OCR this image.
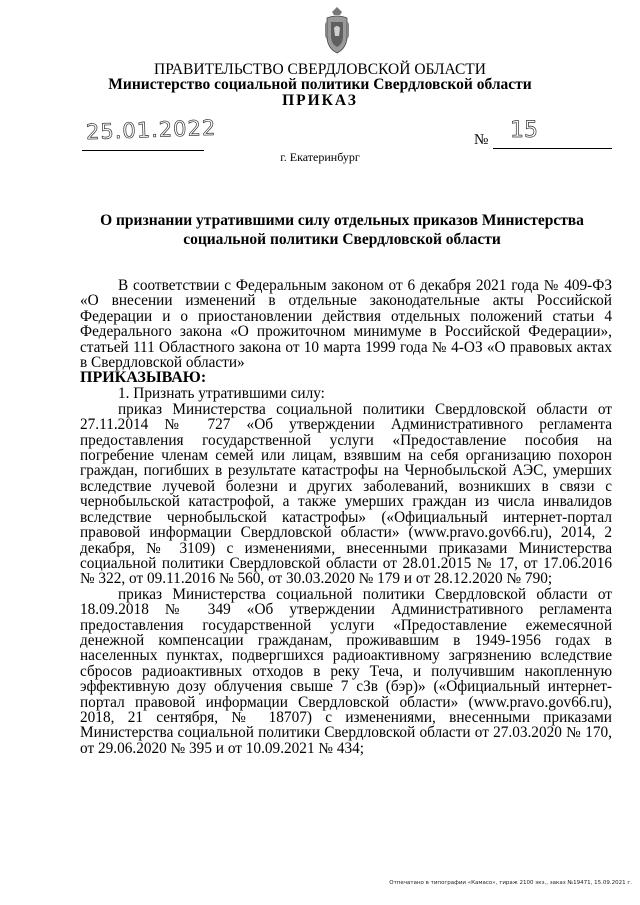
ПРАВИТЕЛЬСТВО СВЕРДЛОВСКОЙ ОБЛАСТИ
Министерство социальной политики Свердловской области
ПРИКАЗ
25.01.2022	№ 15
г. Екатеринбург
О признании утратившими силу отдельных приказов Министерства социальной политики Свердловской области

В соответствии с Федеральным законом от 6 декабря 2021 года № 409-ФЗ «О внесении изменений в отдельные законодательные акты Российской Федерации и о приостановлении действия отдельных положений статьи 4 Федерального закона «О прожиточном минимуме в Российской Федерации», статьей 111 Областного закона от 10 марта 1999 года № 4-ОЗ «О правовых актах в Свердловской области»

ПРИКАЗЫВАЮ:

1. Признать утратившими силу:

приказ Министерства социальной политики Свердловской области от 27.11.2014 № 727 «Об утверждении Административного регламента предоставления государственной услуги «Предоставление пособия на погребение членам семей или лицам, взявшим на себя организацию похорон граждан, погибших в результате катастрофы на Чернобыльской АЭС, умерших вследствие лучевой болезни и других заболеваний, возникших в связи с чернобыльской катастрофой, а также умерших граждан из числа инвалидов вследствие чернобыльской катастрофы» («Официальный интернет-портал правовой информации Свердловской области» (www.pravo.gov66.ru), 2014, 2 декабря, № 3109) с изменениями, внесенными приказами Министерства социальной политики Свердловской области от 28.01.2015 № 17, от 17.06.2016 № 322, от 09.11.2016 № 560, от 30.03.2020 № 179 и от 28.12.2020 № 790;

приказ Министерства социальной политики Свердловской области от 18.09.2018 № 349 «Об утверждении Административного регламента предоставления государственной услуги «Предоставление ежемесячной денежной компенсации гражданам, проживавшим в 1949-1956 годах в населенных пунктах, подвергшихся радиоактивному загрязнению вследствие сбросов радиоактивных отходов в реку Теча, и получившим накопленную эффективную дозу облучения свыше 7 сЗв (бэр)» («Официальный интернет-портал правовой информации Свердловской области» (www.pravo.gov66.ru), 2018, 21 сентября, № 18707) с изменениями, внесенными приказами Министерства социальной политики Свердловской области от 27.03.2020 № 170, от 29.06.2020 № 395 и от 10.09.2021 № 434;

Отпечатано в типографии «Камасо», тираж 2100 экз., заказ №19471, 15.09.2021 г.
